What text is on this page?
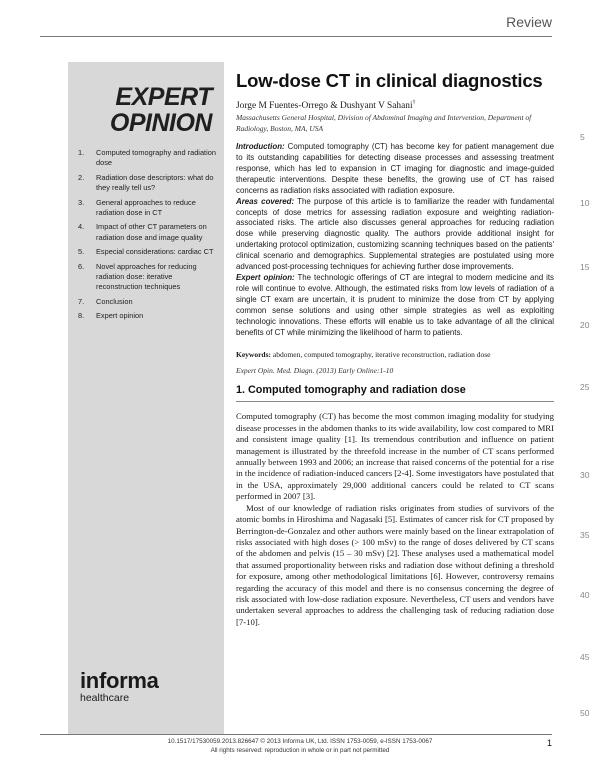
Review
EXPERT
OPINION
1.	Computed tomography and radiation dose
2.	Radiation dose descriptors: what do they really tell us?
3.	General approaches to reduce radiation dose in CT
4.	Impact of other CT parameters on radiation dose and image quality
5.	Especial considerations: cardiac CT
6.	Novel approaches for reducing radiation dose: iterative reconstruction techniques
7.	Conclusion
8.	Expert opinion
informa
healthcare
Low-dose CT in clinical diagnostics

Jorge M Fuentes-Orrego & Dushyant V Sahani†

Massachusetts General Hospital, Division of Abdominal Imaging and Intervention, Department of Radiology, Boston, MA, USA

Introduction: Computed tomography (CT) has become key for patient management due to its outstanding capabilities for detecting disease processes and assessing treatment response, which has led to expansion in CT imaging for diagnostic and image-guided therapeutic interventions. Despite these benefits, the growing use of CT has raised concerns as radiation risks associated with radiation exposure.

Areas covered: The purpose of this article is to familiarize the reader with fundamental concepts of dose metrics for assessing radiation exposure and weighting radiation-associated risks. The article also discusses general approaches for reducing radiation dose while preserving diagnostic quality. The authors provide additional insight for undertaking protocol optimization, customizing scanning techniques based on the patients' clinical scenario and demographics. Supplemental strategies are postulated using more advanced post-processing techniques for achieving further dose improvements.

Expert opinion: The technologic offerings of CT are integral to modern medicine and its role will continue to evolve. Although, the estimated risks from low levels of radiation of a single CT exam are uncertain, it is prudent to minimize the dose from CT by applying common sense solutions and using other simple strategies as well as exploiting technologic innovations. These efforts will enable us to take advantage of all the clinical benefits of CT while minimizing the likelihood of harm to patients.

Keywords: abdomen, computed tomography, iterative reconstruction, radiation dose

Expert Opin. Med. Diagn. (2013) Early Online:1-10

1. Computed tomography and radiation dose

Computed tomography (CT) has become the most common imaging modality for studying disease processes in the abdomen thanks to its wide availability, low cost compared to MRI and consistent image quality [1]. Its tremendous contribution and influence on patient management is illustrated by the threefold increase in the number of CT scans performed annually between 1993 and 2006; an increase that raised concerns of the potential for a rise in the incidence of radiation-induced cancers [2-4]. Some investigators have postulated that in the USA, approximately 29,000 additional cancers could be related to CT scans performed in 2007 [3].

Most of our knowledge of radiation risks originates from studies of survivors of the atomic bombs in Hiroshima and Nagasaki [5]. Estimates of cancer risk for CT proposed by Berrington-de-Gonzalez and other authors were mainly based on the linear extrapolation of risks associated with high doses (> 100 mSv) to the range of doses delivered by CT scans of the abdomen and pelvis (15 – 30 mSv) [2]. These analyses used a mathematical model that assumed proportionality between risks and radiation dose without defining a threshold for exposure, among other methodological limitations [6]. However, controversy remains regarding the accuracy of this model and there is no consensus concerning the degree of risk associated with low-dose radiation exposure. Nevertheless, CT users and vendors have undertaken several approaches to address the challenging task of reducing radiation dose [7-10].

5
10
15
20
25
30
35
40
45
50
10.1517/17530059.2013.826647 © 2013 Informa UK, Ltd. ISSN 1753-0059, e-ISSN 1753-0067
All rights reserved: reproduction in whole or in part not permitted
1
